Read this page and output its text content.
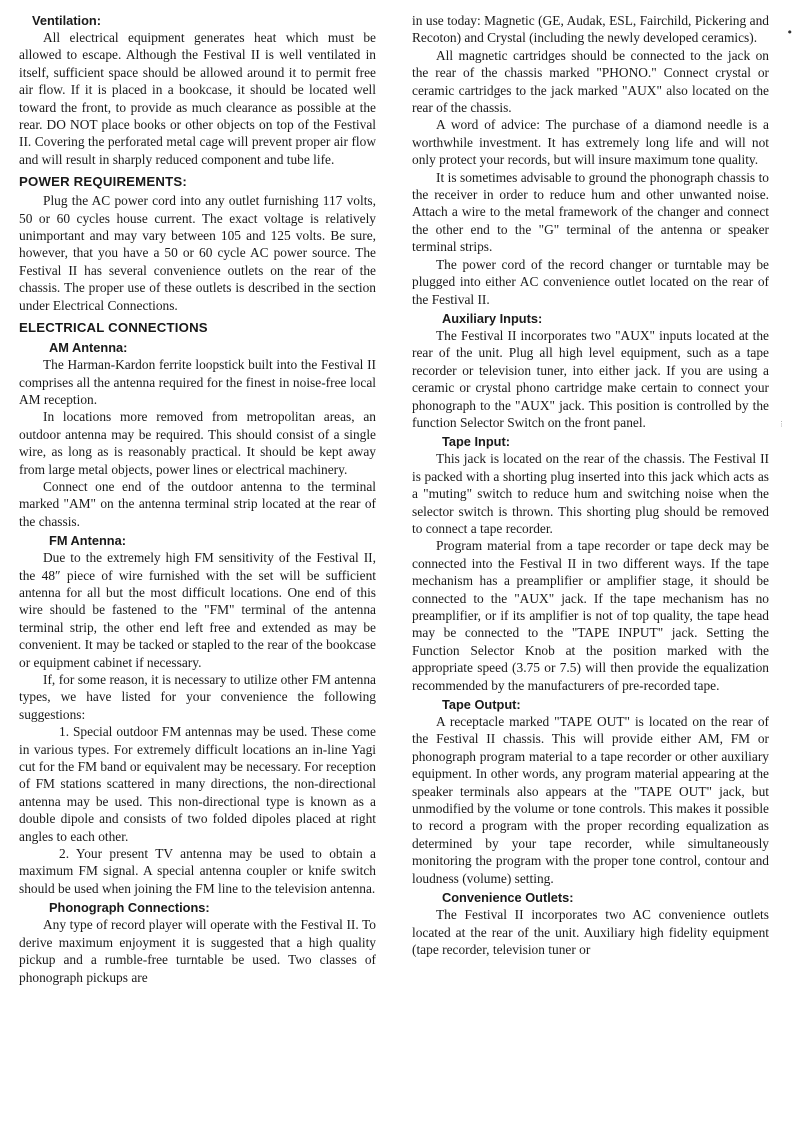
Ventilation:

All electrical equipment generates heat which must be allowed to escape. Although the Festival II is well ventilated in itself, sufficient space should be allowed around it to permit free air flow. If it is placed in a bookcase, it should be located well toward the front, to provide as much clearance as possible at the rear. DO NOT place books or other objects on top of the Festival II. Covering the perforated metal cage will prevent proper air flow and will result in sharply reduced component and tube life.

POWER REQUIREMENTS:

Plug the AC power cord into any outlet furnishing 117 volts, 50 or 60 cycles house current. The exact voltage is relatively unimportant and may vary between 105 and 125 volts. Be sure, however, that you have a 50 or 60 cycle AC power source. The Festival II has several convenience outlets on the rear of the chassis. The proper use of these outlets is described in the section under Electrical Connections.

ELECTRICAL CONNECTIONS
AM Antenna:

The Harman-Kardon ferrite loopstick built into the Festival II comprises all the antenna required for the finest in noise-free local AM reception.

In locations more removed from metropolitan areas, an outdoor antenna may be required. This should consist of a single wire, as long as is reasonably practical. It should be kept away from large metal objects, power lines or electrical machinery.

Connect one end of the outdoor antenna to the terminal marked "AM" on the antenna terminal strip located at the rear of the chassis.

FM Antenna:

Due to the extremely high FM sensitivity of the Festival II, the 48″ piece of wire furnished with the set will be sufficient antenna for all but the most difficult locations. One end of this wire should be fastened to the "FM" terminal of the antenna terminal strip, the other end left free and extended as may be convenient. It may be tacked or stapled to the rear of the bookcase or equipment cabinet if necessary.

If, for some reason, it is necessary to utilize other FM antenna types, we have listed for your convenience the following suggestions:

1. Special outdoor FM antennas may be used. These come in various types. For extremely difficult locations an in-line Yagi cut for the FM band or equivalent may be necessary. For reception of FM stations scattered in many directions, the non-directional antenna may be used. This non-directional type is known as a double dipole and consists of two folded dipoles placed at right angles to each other.

2. Your present TV antenna may be used to obtain a maximum FM signal. A special antenna coupler or knife switch should be used when joining the FM line to the television antenna.

Phonograph Connections:

Any type of record player will operate with the Festival II. To derive maximum enjoyment it is suggested that a high quality pickup and a rumble-free turntable be used. Two classes of phonograph pickups are

in use today: Magnetic (GE, Audak, ESL, Fairchild, Pickering and Recoton) and Crystal (including the newly developed ceramics).

All magnetic cartridges should be connected to the jack on the rear of the chassis marked "PHONO." Connect crystal or ceramic cartridges to the jack marked "AUX" also located on the rear of the chassis.

A word of advice: The purchase of a diamond needle is a worthwhile investment. It has extremely long life and will not only protect your records, but will insure maximum tone quality.

It is sometimes advisable to ground the phonograph chassis to the receiver in order to reduce hum and other unwanted noise. Attach a wire to the metal framework of the changer and connect the other end to the "G" terminal of the antenna or speaker terminal strips.

The power cord of the record changer or turntable may be plugged into either AC convenience outlet located on the rear of the Festival II.

Auxiliary Inputs:

The Festival II incorporates two "AUX" inputs located at the rear of the unit. Plug all high level equipment, such as a tape recorder or television tuner, into either jack. If you are using a ceramic or crystal phono cartridge make certain to connect your phonograph to the "AUX" jack. This position is controlled by the function Selector Switch on the front panel.

Tape Input:

This jack is located on the rear of the chassis. The Festival II is packed with a shorting plug inserted into this jack which acts as a "muting" switch to reduce hum and switching noise when the selector switch is thrown. This shorting plug should be removed to connect a tape recorder.

Program material from a tape recorder or tape deck may be connected into the Festival II in two different ways. If the tape mechanism has a preamplifier or amplifier stage, it should be connected to the "AUX" jack. If the tape mechanism has no preamplifier, or if its amplifier is not of top quality, the tape head may be connected to the "TAPE INPUT" jack. Setting the Function Selector Knob at the position marked with the appropriate speed (3.75 or 7.5) will then provide the equalization recommended by the manufacturers of pre-recorded tape.

Tape Output:

A receptacle marked "TAPE OUT" is located on the rear of the Festival II chassis. This will provide either AM, FM or phonograph program material to a tape recorder or other auxiliary equipment. In other words, any program material appearing at the speaker terminals also appears at the "TAPE OUT" jack, but unmodified by the volume or tone controls. This makes it possible to record a program with the proper recording equalization as determined by your tape recorder, while simultaneously monitoring the program with the proper tone control, contour and loudness (volume) setting.

Convenience Outlets:

The Festival II incorporates two AC convenience outlets located at the rear of the unit. Auxiliary high fidelity equipment (tape recorder, television tuner or

•
⋮
